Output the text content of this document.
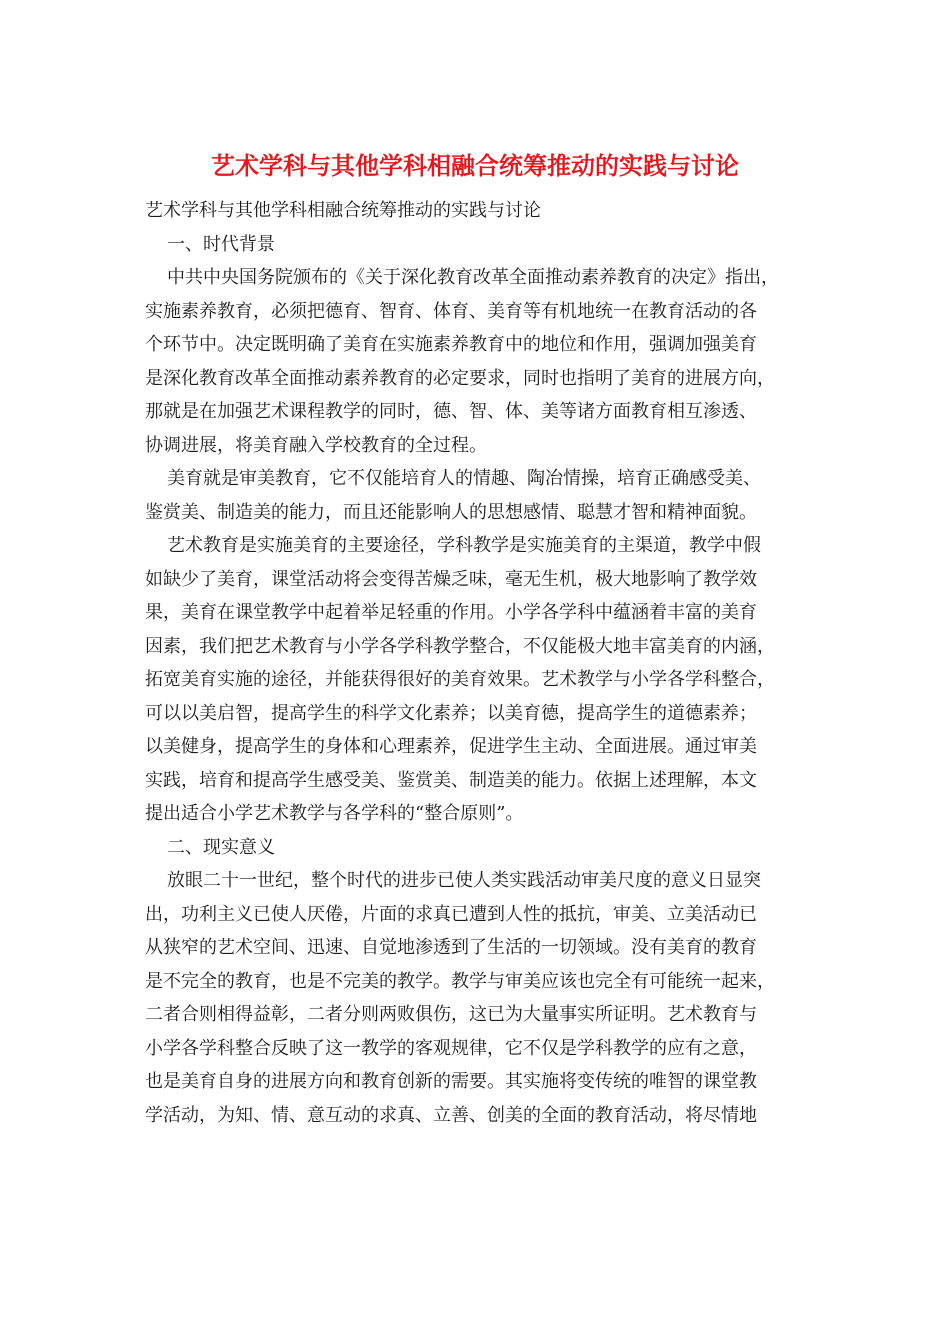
艺术学科与其他学科相融合统筹推动的实践与讨论
艺术学科与其他学科相融合统筹推动的实践与讨论
一、时代背景
中共中央国务院颁布的《关于深化教育改革全面推动素养教育的决定》指出，
实施素养教育，必须把德育、智育、体育、美育等有机地统一在教育活动的各
个环节中。决定既明确了美育在实施素养教育中的地位和作用，强调加强美育
是深化教育改革全面推动素养教育的必定要求，同时也指明了美育的进展方向，
那就是在加强艺术课程教学的同时，德、智、体、美等诸方面教育相互渗透、
协调进展，将美育融入学校教育的全过程。
美育就是审美教育，它不仅能培育人的情趣、陶冶情操，培育正确感受美、
鉴赏美、制造美的能力，而且还能影响人的思想感情、聪慧才智和精神面貌。
艺术教育是实施美育的主要途径，学科教学是实施美育的主渠道，教学中假
如缺少了美育，课堂活动将会变得苦燥乏味，毫无生机，极大地影响了教学效
果，美育在课堂教学中起着举足轻重的作用。小学各学科中蕴涵着丰富的美育
因素，我们把艺术教育与小学各学科教学整合，不仅能极大地丰富美育的内涵，
拓宽美育实施的途径，并能获得很好的美育效果。艺术教学与小学各学科整合，
可以以美启智，提高学生的科学文化素养；以美育德，提高学生的道德素养；
以美健身，提高学生的身体和心理素养，促进学生主动、全面进展。通过审美
实践，培育和提高学生感受美、鉴赏美、制造美的能力。依据上述理解，本文
提出适合小学艺术教学与各学科的“整合原则”。
二、现实意义
放眼二十一世纪，整个时代的进步已使人类实践活动审美尺度的意义日显突
出，功利主义已使人厌倦，片面的求真已遭到人性的抵抗，审美、立美活动已
从狭窄的艺术空间、迅速、自觉地渗透到了生活的一切领域。没有美育的教育
是不完全的教育，也是不完美的教学。教学与审美应该也完全有可能统一起来，
二者合则相得益彰，二者分则两败俱伤，这已为大量事实所证明。艺术教育与
小学各学科整合反映了这一教学的客观规律，它不仅是学科教学的应有之意，
也是美育自身的进展方向和教育创新的需要。其实施将变传统的唯智的课堂教
学活动，为知、情、意互动的求真、立善、创美的全面的教育活动，将尽情地
